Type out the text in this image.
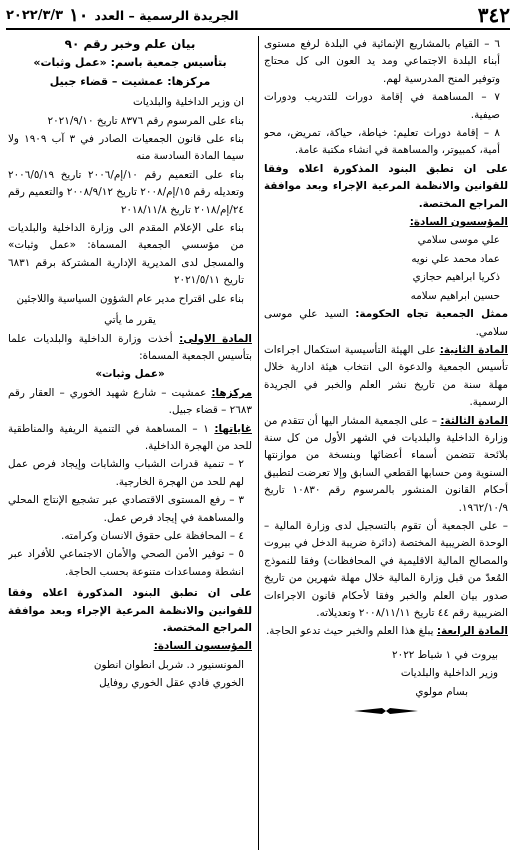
٣٤٢
الجريدة الرسمية – العدد
١٠
٢٠٢٢/٣/٣

٦ – القيام بالمشاريع الإنمائية في البلدة لرفع مستوى أبناء البلدة الاجتماعي ومد يد العون الى كل محتاج وتوفير المنح المدرسية لهم.

٧ – المساهمة في إقامة دورات للتدريب ودورات صيفية.

٨ – إقامة دورات تعليم: خياطة، حياكة، تمريض، محو أمية، كمبيوتر، والمساهمة في انشاء مكتبة عامة.

على ان تطبق البنود المذكورة اعلاه وفقا للقوانين والانظمة المرعية الإجراء وبعد موافقة المراجع المختصة.

المؤسسون السادة:

علي موسى سلامي

عماد محمد علي نويه

ذكريا ابراهيم حجازي

حسين ابراهيم سلامه

ممثل الجمعية تجاه الحكومة: السيد علي موسى سلامي.

المادة الثانية: على الهيئة التأسيسية استكمال اجراءات تأسيس الجمعية والدعوة الى انتخاب هيئة ادارية خلال مهلة سنة من تاريخ نشر العلم والخبر في الجريدة الرسمية.

المادة الثالثة: – على الجمعية المشار اليها أن تتقدم من وزارة الداخلية والبلديات في الشهر الأول من كل سنة بلائحة تتضمن أسماء أعضائها وبنسخة من موازنتها السنوية ومن حسابها القطعي السابق وإلا تعرضت لتطبيق أحكام القانون المنشور بالمرسوم رقم ١٠٨٣٠ تاريخ ١٩٦٢/١٠/٩.

– على الجمعية أن تقوم بالتسجيل لدى وزارة المالية – الوحدة الضريبية المختصة (دائرة ضريبة الدخل في بيروت والمصالح المالية الاقليمية في المحافظات) وفقا للنموذج المُعدّ من قبل وزارة المالية خلال مهلة شهرين من تاريخ صدور بيان العلم والخبر وفقا لأحكام قانون الاجراءات الضريبية رقم ٤٤ تاريخ ٢٠٠٨/١١/١١ وتعديلاته.

المادة الرابعة: يبلغ هذا العلم والخبر حيث تدعو الحاجة.

بيروت في ١ شباط ٢٠٢٢

وزير الداخلية والبلديات

بسام مولوي

بيان علم وخبر رقم ٩٠

بتأسيس جمعية باسم: «عمل وثبات»

مركزها: عمشيت – قضاء جبيل

ان وزير الداخلية والبلديات

بناء على المرسوم رقم ٨٣٧٦ تاريخ ٢٠٢١/٩/١٠

بناء على قانون الجمعيات الصادر في ٣ آب ١٩٠٩ ولا سيما المادة السادسة منه

بناء على التعميم رقم ١٠/إم/٢٠٠٦ تاريخ ٢٠٠٦/٥/١٩ وتعديله رقم ١٥/إم/٢٠٠٨ تاريخ ٢٠٠٨/٩/١٢ والتعميم رقم ٢٤/إم/٢٠١٨ تاريخ ٢٠١٨/١١/٨

بناء على الإعلام المقدم الى وزارة الداخلية والبلديات من مؤسسي الجمعية المسماة: «عمل وثبات» والمسجل لدى المديرية الإدارية المشتركة برقم ٦٨٣١ تاريخ ٢٠٢١/٥/١١

بناء على اقتراح مدير عام الشؤون السياسية واللاجئين

يقرر ما يأتي

المادة الاولى: أخذت وزارة الداخلية والبلديات علما بتأسيس الجمعية المسماة:

«عمل وثبات»

مركزها: عمشيت – شارع شهيد الخوري – العقار رقم ٢٦٨٣ – قضاء جبيل.

غاياتها: ١ – المساهمة في التنمية الريفية والمناطقية للحد من الهجرة الداخلية.

٢ – تنمية قدرات الشباب والشابات وإيجاد فرص عمل لهم للحد من الهجرة الخارجية.

٣ – رفع المستوى الاقتصادي عبر تشجيع الإنتاج المحلي والمساهمة في إيجاد فرص عمل.

٤ – المحافظة على حقوق الانسان وكرامته.

٥ – توفير الأمن الصحي والأمان الاجتماعي للأفراد عبر انشطة ومساعدات متنوعة بحسب الحاجة.

على ان تطبق البنود المذكورة اعلاه وفقا للقوانين والانظمة المرعية الإجراء وبعد موافقة المراجع المختصة.

المؤسسون السادة:

المونسنيور د. شربل انطوان انطون

الخوري فادي عقل الخوري روفايل
